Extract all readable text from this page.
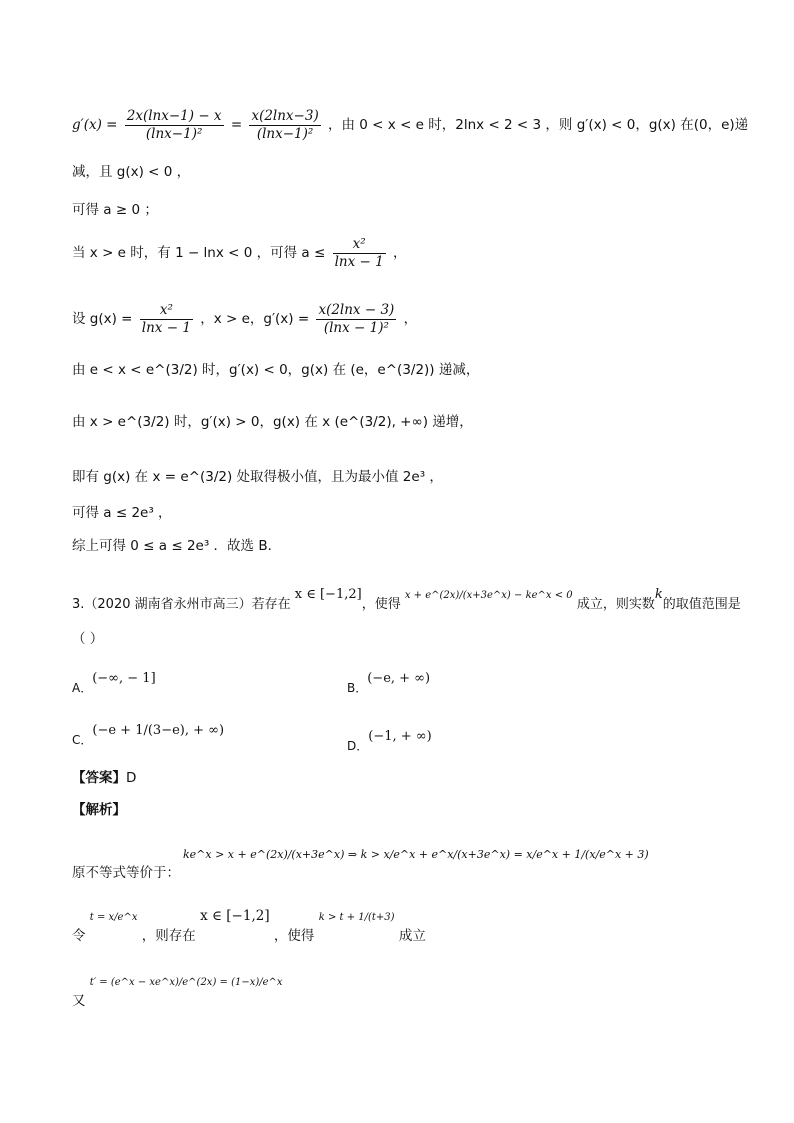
$g'(x) = \frac{2x(\ln x-1) - x}{\text{(lnx−1)²}} = \frac{x(2\ln x-3)}{\text{(lnx−1)²}}$ ，由 0 < x < e 时，2lnx < 2 < 3 ，则 g′(x) < 0，g(x) 在(0，e)递
减，且 g(x) < 0 ，
可得 a ≥ 0 ；
当 x > e 时，有 1 − lnx < 0 ，可得 $a \le \frac{\text{x²}}{\ln x - 1}$ ，
设 $g(x) = \frac{\text{x²}}{\ln x - 1}$ ，x > e，$g'(x) = \frac{x(2\ln x - 3)}{\text{(lnx − 1)²}}$ ，
由 e < x < e^(3/2) 时，g′(x) < 0，g(x) 在 (e，e^(3/2)) 递减，
由 x > e^(3/2) 时，g′(x) > 0，g(x) 在 x (e^(3/2), +∞) 递增，
即有 g(x) 在 x = e^(3/2) 处取得极小值，且为最小值 2e³ ，
可得 a ≤ 2e³ ，
综上可得 0 ≤ a ≤ 2e³ ．故选 B．
3.（2020 湖南省永州市高三）若存在 x ∈ [−1,2]，使得 $^{x + e\^{}(2x)/(x+3e\^{}x) - ke\^{}x < 0}$ 成立，则实数k的取值范围是
（ ）
A．(−∞, − 1]
B．(−e, + ∞)
C．(−e + 1/(3−e), + ∞)
D．(−1, + ∞)
【答案】D
【解析】
ke^x > x + e^(2x)/(x+3e^x) ⇒ k > x/e^x + e^x/(x+3e^x) = x/e^x + 1/(x/e^x + 3)
原不等式等价于：
令 t = x/e^x ，则存在 x ∈ [−1,2] ，使得 k > t + 1/(t+3) 成立
又 t′ = (e^x − xe^x)/e^(2x) = (1−x)/e^x
